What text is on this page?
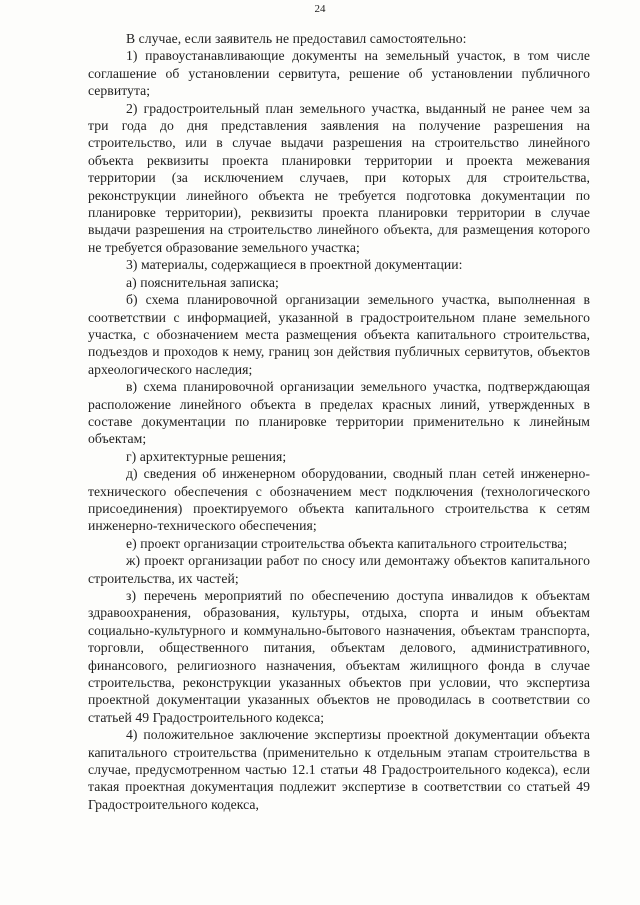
24

В случае, если заявитель не предоставил самостоятельно:

1) правоустанавливающие документы на земельный участок, в том числе соглашение об установлении сервитута, решение об установлении публичного сервитута;

2) градостроительный план земельного участка, выданный не ранее чем за три года до дня представления заявления на получение разрешения на строительство, или в случае выдачи разрешения на строительство линейного объекта реквизиты проекта планировки территории и проекта межевания территории (за исключением случаев, при которых для строительства, реконструкции линейного объекта не требуется подготовка документации по планировке территории), реквизиты проекта планировки территории в случае выдачи разрешения на строительство линейного объекта, для размещения которого не требуется образование земельного участка;

3) материалы, содержащиеся в проектной документации:

а) пояснительная записка;

б) схема планировочной организации земельного участка, выполненная в соответствии с информацией, указанной в градостроительном плане земельного участка, с обозначением места размещения объекта капитального строительства, подъездов и проходов к нему, границ зон действия публичных сервитутов, объектов археологического наследия;

в) схема планировочной организации земельного участка, подтверждающая расположение линейного объекта в пределах красных линий, утвержденных в составе документации по планировке территории применительно к линейным объектам;

г) архитектурные решения;

д) сведения об инженерном оборудовании, сводный план сетей инженерно-технического обеспечения с обозначением мест подключения (технологического присоединения) проектируемого объекта капитального строительства к сетям инженерно-технического обеспечения;

е) проект организации строительства объекта капитального строительства;

ж) проект организации работ по сносу или демонтажу объектов капитального строительства, их частей;

з) перечень мероприятий по обеспечению доступа инвалидов к объектам здравоохранения, образования, культуры, отдыха, спорта и иным объектам социально-культурного и коммунально-бытового назначения, объектам транспорта, торговли, общественного питания, объектам делового, административного, финансового, религиозного назначения, объектам жилищного фонда в случае строительства, реконструкции указанных объектов при условии, что экспертиза проектной документации указанных объектов не проводилась в соответствии со статьей 49 Градостроительного кодекса;

4) положительное заключение экспертизы проектной документации объекта капитального строительства (применительно к отдельным этапам строительства в случае, предусмотренном частью 12.1 статьи 48 Градостроительного кодекса), если такая проектная документация подлежит экспертизе в соответствии со статьей 49 Градостроительного кодекса,
